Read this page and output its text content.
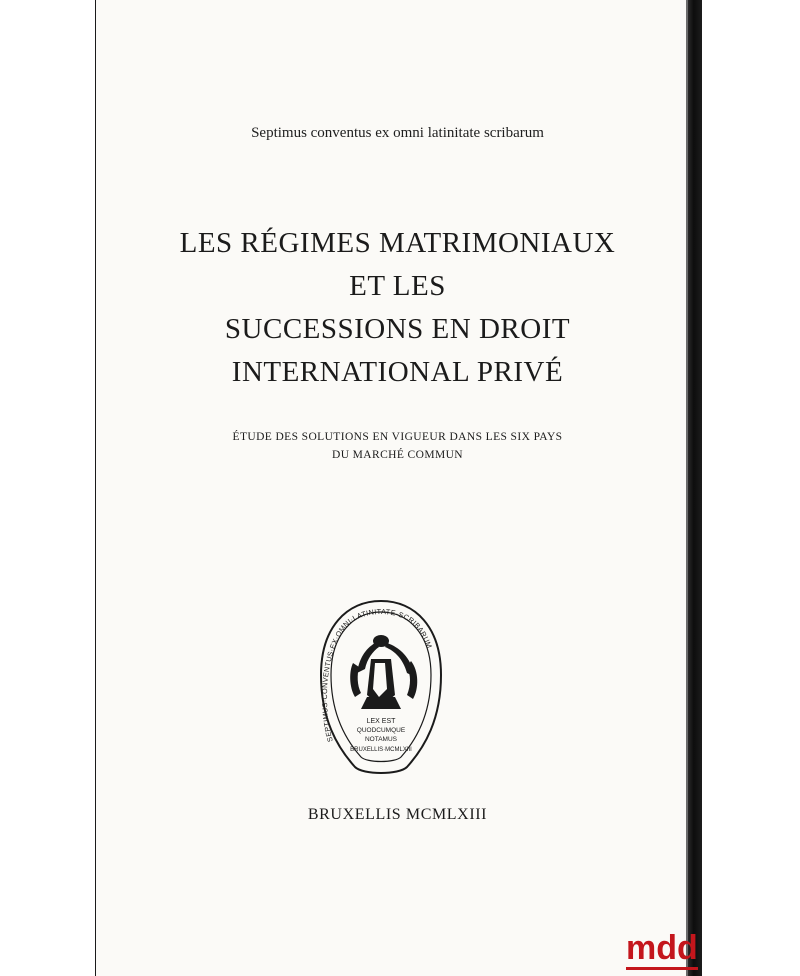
Septimus conventus ex omni latinitate scribarum
LES RÉGIMES MATRIMONIAUX
ET LES
SUCCESSIONS EN DROIT
INTERNATIONAL PRIVÉ
ÉTUDE DES SOLUTIONS EN VIGUEUR DANS LES SIX PAYS
DU MARCHÉ COMMUN
SEPTIMUS·CONVENTUS·EX·OMNI·LATINITATE·SCRIBARUM
LEX EST
QUODCUMQUE
NOTAMUS
BRUXELLIS·MCMLXIII
BRUXELLIS MCMLXIII
mdd
